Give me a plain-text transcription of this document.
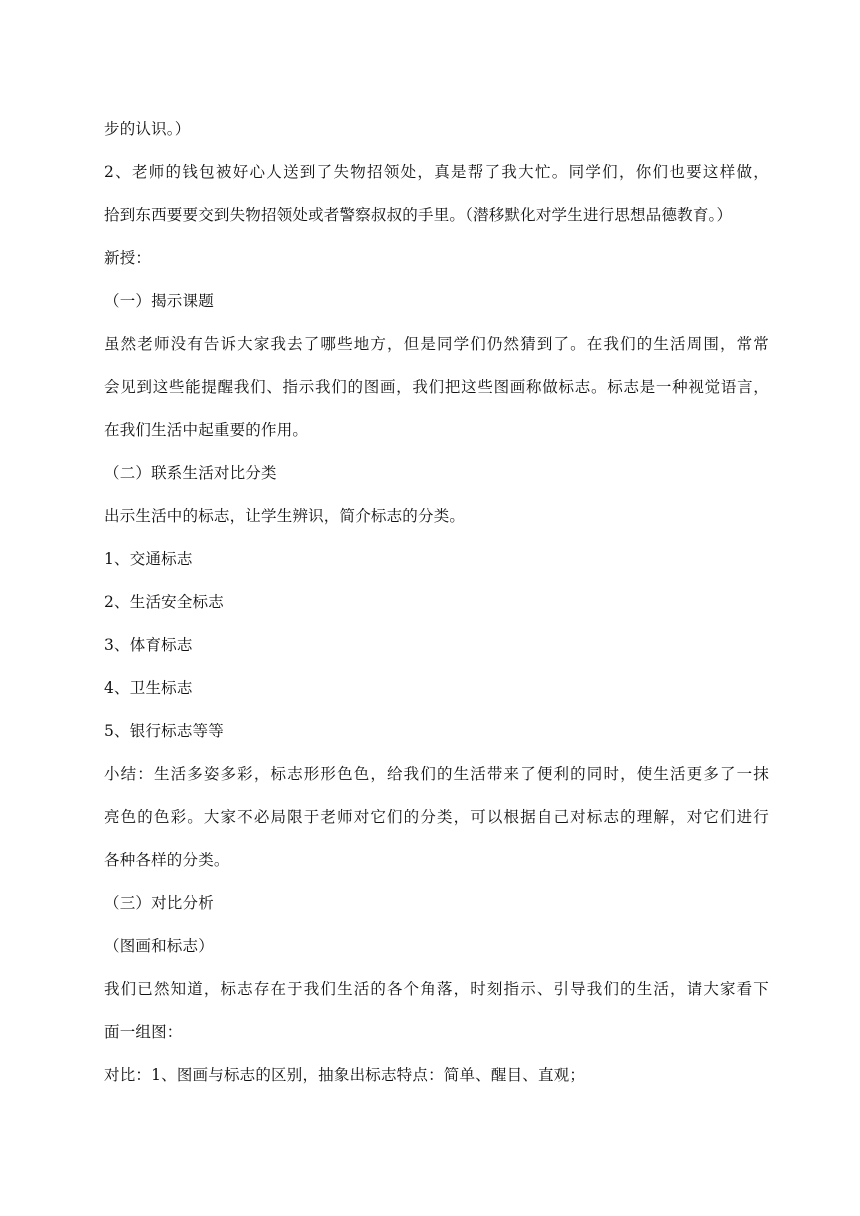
步的认识。）
2、老师的钱包被好心人送到了失物招领处，真是帮了我大忙。同学们，你们也要这样做，
拾到东西要要交到失物招领处或者警察叔叔的手里。（潜移默化对学生进行思想品德教育。）
新授：
（一）揭示课题
虽然老师没有告诉大家我去了哪些地方，但是同学们仍然猜到了。在我们的生活周围，常常
会见到这些能提醒我们、指示我们的图画，我们把这些图画称做标志。标志是一种视觉语言，
在我们生活中起重要的作用。
（二）联系生活对比分类
出示生活中的标志，让学生辨识，简介标志的分类。
1、交通标志
2、生活安全标志
3、体育标志
4、卫生标志
5、银行标志等等
小结：生活多姿多彩，标志形形色色，给我们的生活带来了便利的同时，使生活更多了一抹
亮色的色彩。大家不必局限于老师对它们的分类，可以根据自己对标志的理解，对它们进行
各种各样的分类。
（三）对比分析
（图画和标志）
我们已然知道，标志存在于我们生活的各个角落，时刻指示、引导我们的生活，请大家看下
面一组图：
对比：1、图画与标志的区别，抽象出标志特点：简单、醒目、直观；
